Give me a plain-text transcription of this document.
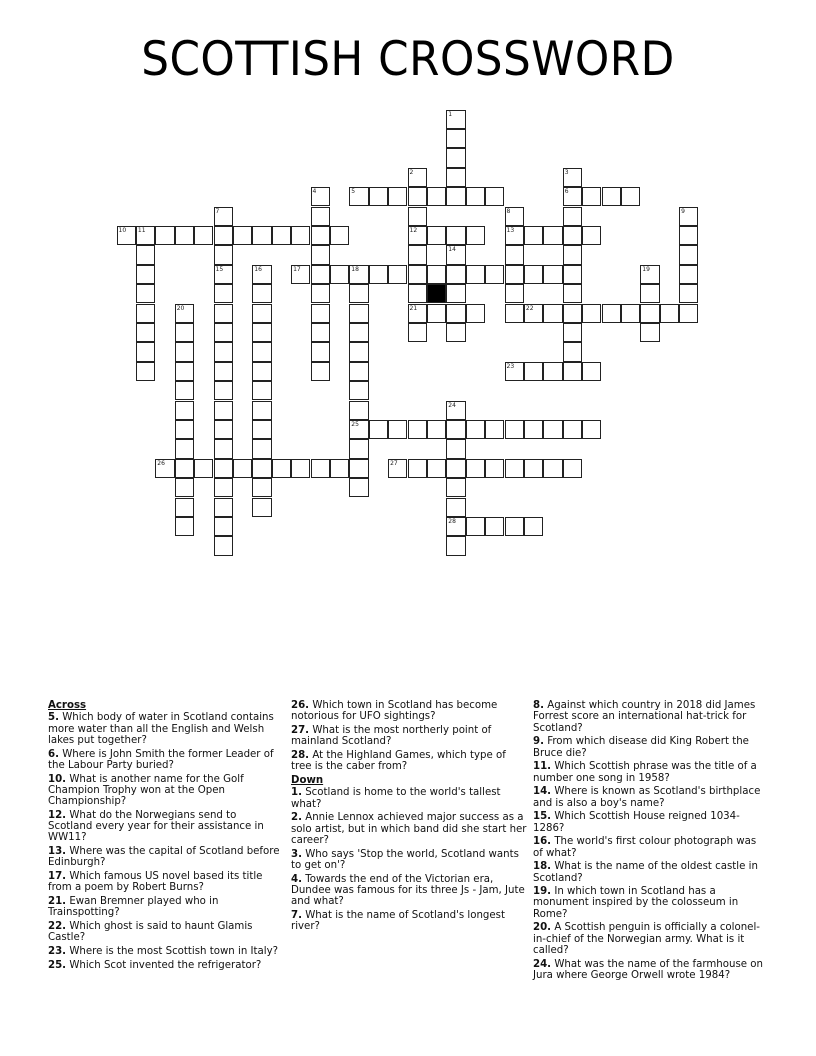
SCOTTISH CROSSWORD
1
2
12
21
3
6
4	5
7	8
13
9
10 11
14
15	16	17	18
25
19
20	22
23
24
28
26	27
Across
5. Which body of water in Scotland contains more water than all the English and Welsh lakes put together?
6. Where is John Smith the former Leader of the Labour Party buried?
10. What is another name for the Golf Champion Trophy won at the Open Championship?
12. What do the Norwegians send to Scotland every year for their assistance in WW11?
13. Where was the capital of Scotland before Edinburgh?
17. Which famous US novel based its title from a poem by Robert Burns?
21. Ewan Bremner played who in Trainspotting?
22. Which ghost is said to haunt Glamis Castle?
23. Where is the most Scottish town in Italy?
25. Which Scot invented the refrigerator?
26. Which town in Scotland has become notorious for UFO sightings?
27. What is the most northerly point of mainland Scotland?
28. At the Highland Games, which type of tree is the caber from?
Down
1. Scotland is home to the world's tallest what?
2. Annie Lennox achieved major success as a solo artist, but in which band did she start her career?
3. Who says 'Stop the world, Scotland wants to get on'?
4. Towards the end of the Victorian era, Dundee was famous for its three Js - Jam, Jute and what?
7. What is the name of Scotland's longest river?
8. Against which country in 2018 did James Forrest score an international hat-trick for Scotland?
9. From which disease did King Robert the Bruce die?
11. Which Scottish phrase was the title of a number one song in 1958?
14. Where is known as Scotland's birthplace and is also a boy's name?
15. Which Scottish House reigned 1034-1286?
16. The world's first colour photograph was of what?
18. What is the name of the oldest castle in Scotland?
19. In which town in Scotland has a monument inspired by the colosseum in Rome?
20. A Scottish penguin is officially a colonel-in-chief of the Norwegian army. What is it called?
24. What was the name of the farmhouse on Jura where George Orwell wrote 1984?
